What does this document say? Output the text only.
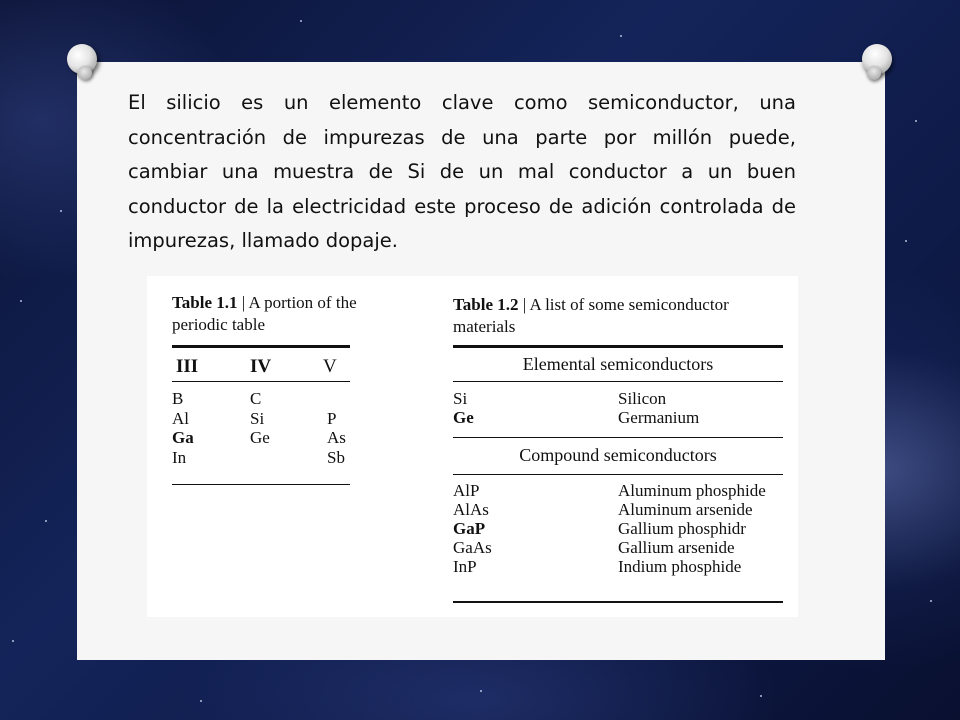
El silicio es un elemento clave como semiconductor, una concentración de impurezas de una parte por millón puede, cambiar una muestra de Si de un mal conductor a un buen conductor de la electricidad este proceso de adición controlada de impurezas, llamado dopaje.

Table 1.1 | A portion of the periodic table
III	IV	V
B
Al
Ga
In
C
Si
Ge
P
As
Sb
Table 1.2 | A list of some semiconductor materials
Elemental semiconductors
Si
Ge
Silicon
Germanium
Compound semiconductors
AlP
AlAs
GaP
GaAs
InP
Aluminum phosphide
Aluminum arsenide
Gallium phosphidr
Gallium arsenide
Indium phosphide
